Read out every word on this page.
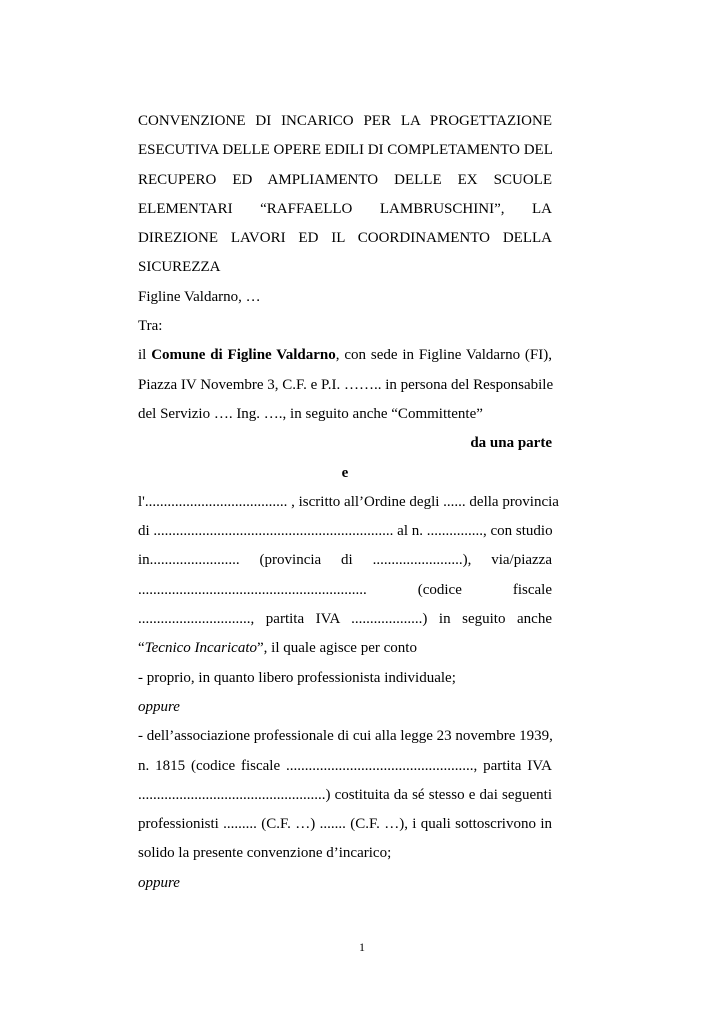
CONVENZIONE DI INCARICO PER LA PROGETTAZIONE
ESECUTIVA DELLE OPERE EDILI DI COMPLETAMENTO DEL
RECUPERO ED AMPLIAMENTO DELLE EX SCUOLE
ELEMENTARI “RAFFAELLO LAMBRUSCHINI”, LA
DIREZIONE LAVORI ED IL COORDINAMENTO DELLA
SICUREZZA
Figline Valdarno, …
Tra:
il Comune di Figline Valdarno, con sede in Figline Valdarno (FI),
Piazza IV Novembre 3, C.F. e P.I. …….. in persona del Responsabile
del Servizio …. Ing. …., in seguito anche “Committente”
da una parte
e
l'...................................... , iscritto all’Ordine degli ...... della provincia
di ................................................................ al n. ..............., con studio
in........................ (provincia di ........................), via/piazza
............................................................. (codice fiscale
.............................., partita IVA ...................) in seguito anche
“Tecnico Incaricato”, il quale agisce per conto
- proprio, in quanto libero professionista individuale;
oppure
- dell’associazione professionale di cui alla legge 23 novembre 1939,
n. 1815 (codice fiscale .................................................., partita IVA
..................................................) costituita da sé stesso e dai seguenti
professionisti ......... (C.F. …) ....... (C.F. …), i quali sottoscrivono in
solido la presente convenzione d’incarico;
oppure
1
